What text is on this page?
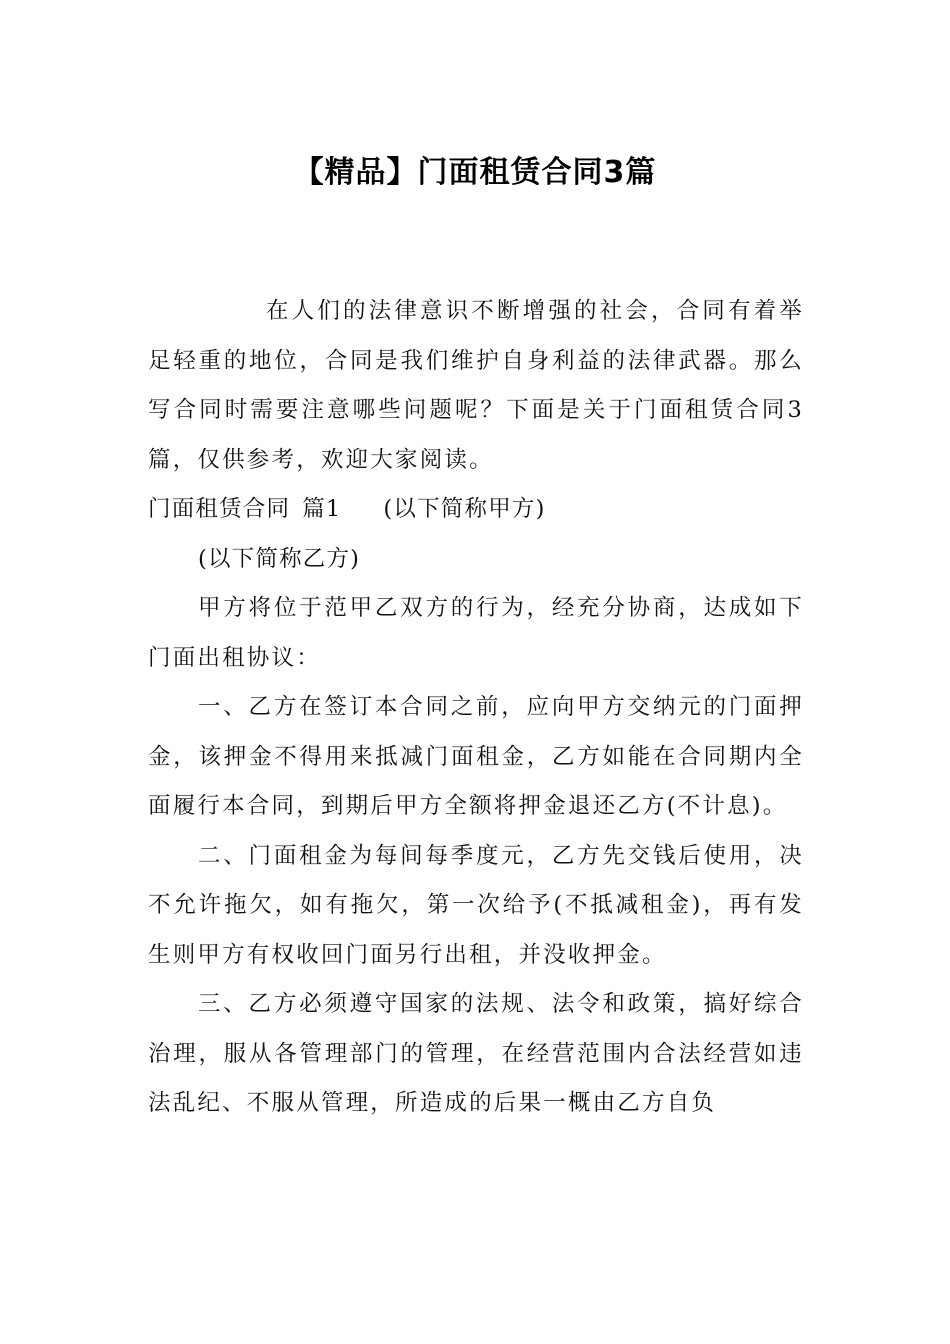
【精品】门面租赁合同3篇

在人们的法律意识不断增强的社会，合同有着举足轻重的地位，合同是我们维护自身利益的法律武器。那么写合同时需要注意哪些问题呢？下面是关于门面租赁合同3篇，仅供参考，欢迎大家阅读。

门面租赁合同 篇1 (以下简称甲方)

(以下简称乙方)

甲方将位于范甲乙双方的行为，经充分协商，达成如下门面出租协议：

一、乙方在签订本合同之前，应向甲方交纳元的门面押金，该押金不得用来抵减门面租金，乙方如能在合同期内全面履行本合同，到期后甲方全额将押金退还乙方(不计息)。

二、门面租金为每间每季度元，乙方先交钱后使用，决不允许拖欠，如有拖欠，第一次给予(不抵减租金)，再有发生则甲方有权收回门面另行出租，并没收押金。

三、乙方必须遵守国家的法规、法令和政策，搞好综合治理，服从各管理部门的管理，在经营范围内合法经营如违法乱纪、不服从管理，所造成的后果一概由乙方自负
